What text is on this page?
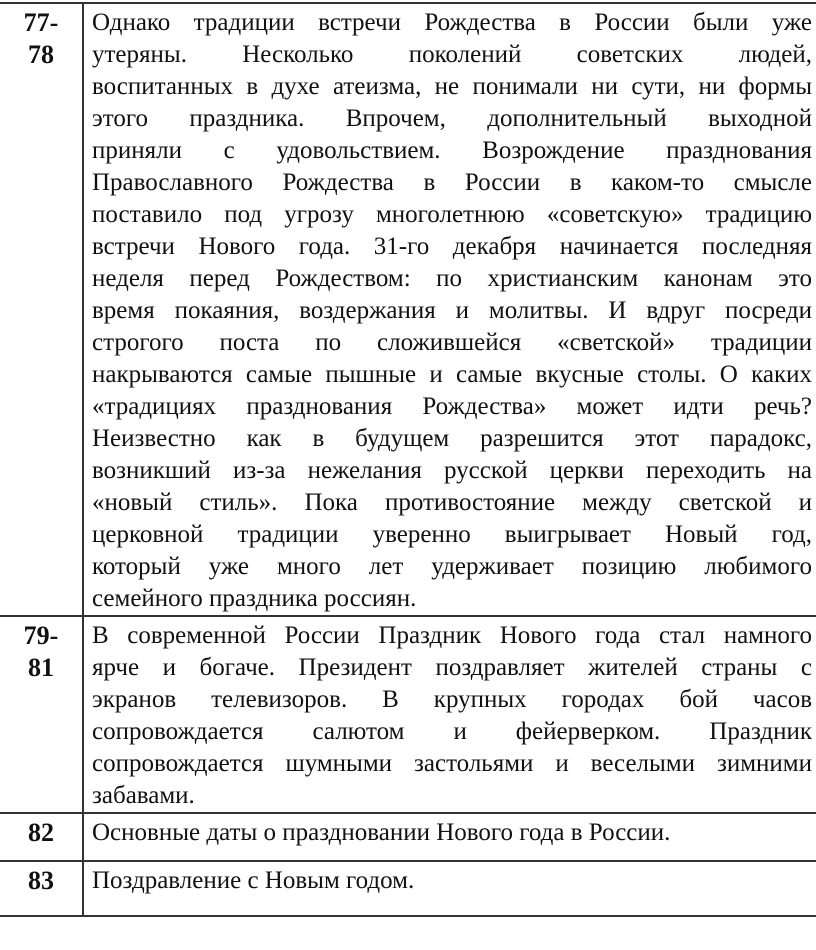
77-
78
Однако традиции встречи Рождества в России были уже
утеряны. Несколько поколений советских людей,
воспитанных в духе атеизма, не понимали ни сути, ни формы
этого праздника. Впрочем, дополнительный выходной
приняли с удовольствием. Возрождение празднования
Православного Рождества в России в каком-то смысле
поставило под угрозу многолетнюю «советскую» традицию
встречи Нового года. 31-го декабря начинается последняя
неделя перед Рождеством: по христианским канонам это
время покаяния, воздержания и молитвы. И вдруг посреди
строгого поста по сложившейся «светской» традиции
накрываются самые пышные и самые вкусные столы. О каких
«традициях празднования Рождества» может идти речь?
Неизвестно как в будущем разрешится этот парадокс,
возникший из-за нежелания русской церкви переходить на
«новый стиль». Пока противостояние между светской и
церковной традиции уверенно выигрывает Новый год,
который уже много лет удерживает позицию любимого
семейного праздника россиян.
79-
81
В современной России Праздник Нового года стал намного
ярче и богаче. Президент поздравляет жителей страны с
экранов телевизоров. В крупных городах бой часов
сопровождается салютом и фейерверком. Праздник
сопровождается шумными застольями и веселыми зимними
забавами.
82	Основные даты о праздновании Нового года в России.
83	Поздравление с Новым годом.
